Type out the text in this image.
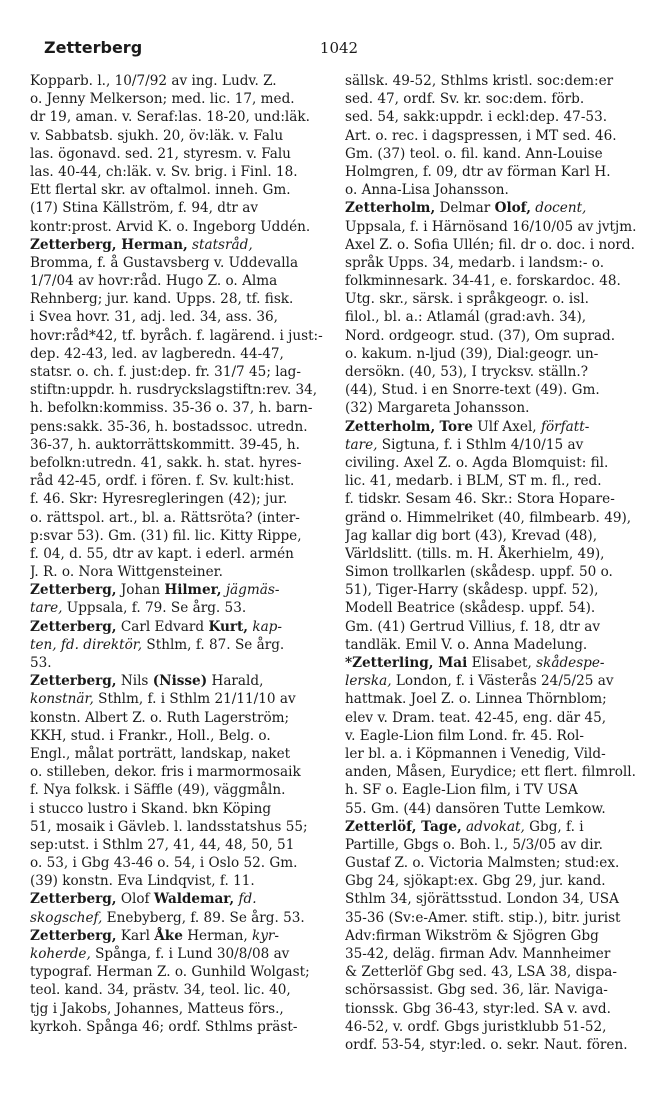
1042
Zetterberg
Kopparb. l., 10/7/92 av ing. Ludv. Z.
o. Jenny Melkerson; med. lic. 17, med.
dr 19, aman. v. Seraf:las. 18-20, und:läk.
v. Sabbatsb. sjukh. 20, öv:läk. v. Falu
las. ögonavd. sed. 21, styresm. v. Falu
las. 40-44, ch:läk. v. Sv. brig. i Finl. 18.
Ett flertal skr. av oftalmol. inneh. Gm.
(17) Stina Källström, f. 94, dtr av
kontr:prost. Arvid K. o. Ingeborg Uddén.
Zetterberg, Herman, statsråd,
Bromma, f. å Gustavsberg v. Uddevalla
1/7/04 av hovr:råd. Hugo Z. o. Alma
Rehnberg; jur. kand. Upps. 28, tf. fisk.
i Svea hovr. 31, adj. led. 34, ass. 36,
hovr:råd*42, tf. byråch. f. lagärend. i just:-
dep. 42-43, led. av lagberedn. 44-47,
statsr. o. ch. f. just:dep. fr. 31/7 45; lag-
stiftn:uppdr. h. rusdryckslagstiftn:rev. 34,
h. befolkn:kommiss. 35-36 o. 37, h. barn-
pens:sakk. 35-36, h. bostadssoc. utredn.
36-37, h. auktorrättskommitt. 39-45, h.
befolkn:utredn. 41, sakk. h. stat. hyres-
råd 42-45, ordf. i fören. f. Sv. kult:hist.
f. 46. Skr: Hyresregleringen (42); jur.
o. rättspol. art., bl. a. Rättsröta? (inter-
p:svar 53). Gm. (31) fil. lic. Kitty Rippe,
f. 04, d. 55, dtr av kapt. i ederl. armén
J. R. o. Nora Wittgensteiner.
Zetterberg, Johan Hilmer, jägmäs-
tare, Uppsala, f. 79. Se årg. 53.
Zetterberg, Carl Edvard Kurt, kap-
ten, fd. direktör, Sthlm, f. 87. Se årg.
53.
Zetterberg, Nils (Nisse) Harald,
konstnär, Sthlm, f. i Sthlm 21/11/10 av
konstn. Albert Z. o. Ruth Lagerström;
KKH, stud. i Frankr., Holl., Belg. o.
Engl., målat porträtt, landskap, naket
o. stilleben, dekor. fris i marmormosaik
f. Nya folksk. i Säffle (49), väggmåln.
i stucco lustro i Skand. bkn Köping
51, mosaik i Gävleb. l. landsstatshus 55;
sep:utst. i Sthlm 27, 41, 44, 48, 50, 51
o. 53, i Gbg 43-46 o. 54, i Oslo 52. Gm.
(39) konstn. Eva Lindqvist, f. 11.
Zetterberg, Olof Waldemar, fd.
skogschef, Enebyberg, f. 89. Se årg. 53.
Zetterberg, Karl Åke Herman, kyr-
koherde, Spånga, f. i Lund 30/8/08 av
typograf. Herman Z. o. Gunhild Wolgast;
teol. kand. 34, prästv. 34, teol. lic. 40,
tjg i Jakobs, Johannes, Matteus förs.,
kyrkoh. Spånga 46; ordf. Sthlms präst-
sällsk. 49-52, Sthlms kristl. soc:dem:er
sed. 47, ordf. Sv. kr. soc:dem. förb.
sed. 54, sakk:uppdr. i eckl:dep. 47-53.
Art. o. rec. i dagspressen, i MT sed. 46.
Gm. (37) teol. o. fil. kand. Ann-Louise
Holmgren, f. 09, dtr av förman Karl H.
o. Anna-Lisa Johansson.
Zetterholm, Delmar Olof, docent,
Uppsala, f. i Härnösand 16/10/05 av jvtjm.
Axel Z. o. Sofia Ullén; fil. dr o. doc. i nord.
språk Upps. 34, medarb. i landsm:- o.
folkminnesark. 34-41, e. forskardoc. 48.
Utg. skr., särsk. i språkgeogr. o. isl.
filol., bl. a.: Atlamál (grad:avh. 34),
Nord. ordgeogr. stud. (37), Om suprad.
o. kakum. n-ljud (39), Dial:geogr. un-
dersökn. (40, 53), I trycksv. ställn.?
(44), Stud. i en Snorre-text (49). Gm.
(32) Margareta Johansson.
Zetterholm, Tore Ulf Axel, författ-
tare, Sigtuna, f. i Sthlm 4/10/15 av
civiling. Axel Z. o. Agda Blomquist: fil.
lic. 41, medarb. i BLM, ST m. fl., red.
f. tidskr. Sesam 46. Skr.: Stora Hopare-
gränd o. Himmelriket (40, filmbearb. 49),
Jag kallar dig bort (43), Krevad (48),
Världslitt. (tills. m. H. Åkerhielm, 49),
Simon trollkarlen (skådesp. uppf. 50 o.
51), Tiger-Harry (skådesp. uppf. 52),
Modell Beatrice (skådesp. uppf. 54).
Gm. (41) Gertrud Villius, f. 18, dtr av
tandläk. Emil V. o. Anna Madelung.
*Zetterling, Mai Elisabet, skådespe-
lerska, London, f. i Västerås 24/5/25 av
hattmak. Joel Z. o. Linnea Thörnblom;
elev v. Dram. teat. 42-45, eng. där 45,
v. Eagle-Lion film Lond. fr. 45. Rol-
ler bl. a. i Köpmannen i Venedig, Vild-
anden, Måsen, Eurydice; ett flert. filmroll.
h. SF o. Eagle-Lion film, i TV USA
55. Gm. (44) dansören Tutte Lemkow.
Zetterlöf, Tage, advokat, Gbg, f. i
Partille, Gbgs o. Boh. l., 5/3/05 av dir.
Gustaf Z. o. Victoria Malmsten; stud:ex.
Gbg 24, sjökapt:ex. Gbg 29, jur. kand.
Sthlm 34, sjörättsstud. London 34, USA
35-36 (Sv:e-Amer. stift. stip.), bitr. jurist
Adv:firman Wikström & Sjögren Gbg
35-42, deläg. firman Adv. Mannheimer
& Zetterlöf Gbg sed. 43, LSA 38, dispa-
schörsassist. Gbg sed. 36, lär. Naviga-
tionssk. Gbg 36-43, styr:led. SA v. avd.
46-52, v. ordf. Gbgs juristklubb 51-52,
ordf. 53-54, styr:led. o. sekr. Naut. fören.
